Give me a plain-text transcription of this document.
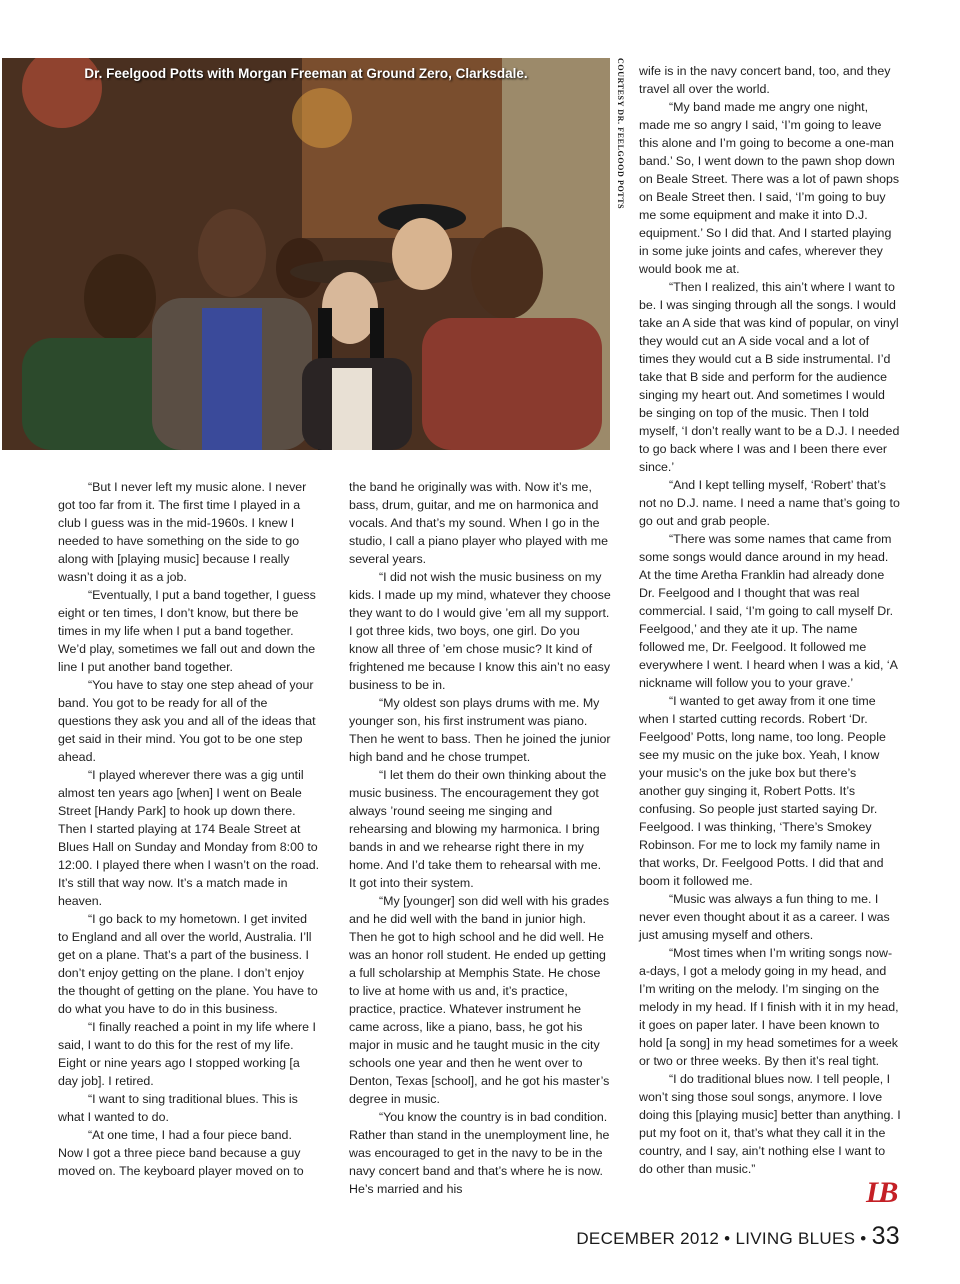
Dr. Feelgood Potts with Morgan Freeman at Ground Zero, Clarksdale.	COURTESY DR. FEELGOOD POTTS

“But I never left my music alone. I never got too far from it. The first time I played in a club I guess was in the mid-1960s. I knew I needed to have something on the side to go along with [playing music] because I really wasn’t doing it as a job.

“Eventually, I put a band together, I guess eight or ten times, I don’t know, but there be times in my life when I put a band together. We’d play, sometimes we fall out and down the line I put another band together.

“You have to stay one step ahead of your band. You got to be ready for all of the questions they ask you and all of the ideas that get said in their mind. You got to be one step ahead.

“I played wherever there was a gig until almost ten years ago [when] I went on Beale Street [Handy Park] to hook up down there. Then I started playing at 174 Beale Street at Blues Hall on Sunday and Monday from 8:00 to 12:00. I played there when I wasn’t on the road. It’s still that way now. It’s a match made in heaven.

“I go back to my hometown. I get invited to England and all over the world, Australia. I’ll get on a plane. That’s a part of the business. I don’t enjoy getting on the plane. I don’t enjoy the thought of getting on the plane. You have to do what you have to do in this business.

“I finally reached a point in my life where I said, I want to do this for the rest of my life. Eight or nine years ago I stopped working [a day job]. I retired.

“I want to sing traditional blues. This is what I wanted to do.

“At one time, I had a four piece band. Now I got a three piece band because a guy moved on. The keyboard player moved on to

the band he originally was with. Now it’s me, bass, drum, guitar, and me on harmonica and vocals. And that’s my sound. When I go in the studio, I call a piano player who played with me several years.

“I did not wish the music business on my kids. I made up my mind, whatever they choose they want to do I would give ’em all my support. I got three kids, two boys, one girl. Do you know all three of ’em chose music? It kind of frightened me because I know this ain’t no easy business to be in.

“My oldest son plays drums with me. My younger son, his first instrument was piano. Then he went to bass. Then he joined the junior high band and he chose trumpet.

“I let them do their own thinking about the music business. The encouragement they got always ’round seeing me singing and rehearsing and blowing my harmonica. I bring bands in and we rehearse right there in my home. And I’d take them to rehearsal with me. It got into their system.

“My [younger] son did well with his grades and he did well with the band in junior high. Then he got to high school and he did well. He was an honor roll student. He ended up getting a full scholarship at Memphis State. He chose to live at home with us and, it’s practice, practice, practice. Whatever instrument he came across, like a piano, bass, he got his major in music and he taught music in the city schools one year and then he went over to Denton, Texas [school], and he got his master’s degree in music.

“You know the country is in bad condition. Rather than stand in the unemployment line, he was encouraged to get in the navy to be in the navy concert band and that’s where he is now. He’s married and his

wife is in the navy concert band, too, and they travel all over the world.

“My band made me angry one night, made me so angry I said, ‘I’m going to leave this alone and I’m going to become a one-man band.’ So, I went down to the pawn shop down on Beale Street. There was a lot of pawn shops on Beale Street then. I said, ‘I’m going to buy me some equipment and make it into D.J. equipment.’ So I did that. And I started playing in some juke joints and cafes, wherever they would book me at.

“Then I realized, this ain’t where I want to be. I was singing through all the songs. I would take an A side that was kind of popular, on vinyl they would cut an A side vocal and a lot of times they would cut a B side instrumental. I’d take that B side and perform for the audience singing my heart out. And sometimes I would be singing on top of the music. Then I told myself, ‘I don’t really want to be a D.J. I needed to go back where I was and I been there ever since.’

“And I kept telling myself, ‘Robert’ that’s not no D.J. name. I need a name that’s going to go out and grab people.

“There was some names that came from some songs would dance around in my head. At the time Aretha Franklin had already done Dr. Feelgood and I thought that was real commercial. I said, ‘I’m going to call myself Dr. Feelgood,’ and they ate it up. The name followed me, Dr. Feelgood. It followed me everywhere I went. I heard when I was a kid, ‘A nickname will follow you to your grave.’

“I wanted to get away from it one time when I started cutting records. Robert ‘Dr. Feelgood’ Potts, long name, too long. People see my music on the juke box. Yeah, I know your music’s on the juke box but there’s another guy singing it, Robert Potts. It’s confusing. So people just started saying Dr. Feelgood. I was thinking, ‘There’s Smokey Robinson. For me to lock my family name in that works, Dr. Feelgood Potts. I did that and boom it followed me.

“Music was always a fun thing to me. I never even thought about it as a career. I was just amusing myself and others.

“Most times when I’m writing songs now-a-days, I got a melody going in my head, and I’m writing on the melody. I’m singing on the melody in my head. If I finish with it in my head, it goes on paper later. I have been known to hold [a song] in my head sometimes for a week or two or three weeks. By then it’s real tight.

“I do traditional blues now. I tell people, I won’t sing those soul songs, anymore. I love doing this [playing music] better than anything. I put my foot on it, that’s what they call it in the country, and I say, ain’t nothing else I want to do other than music.”

LB
DECEMBER 2012 • LIVING BLUES • 33
